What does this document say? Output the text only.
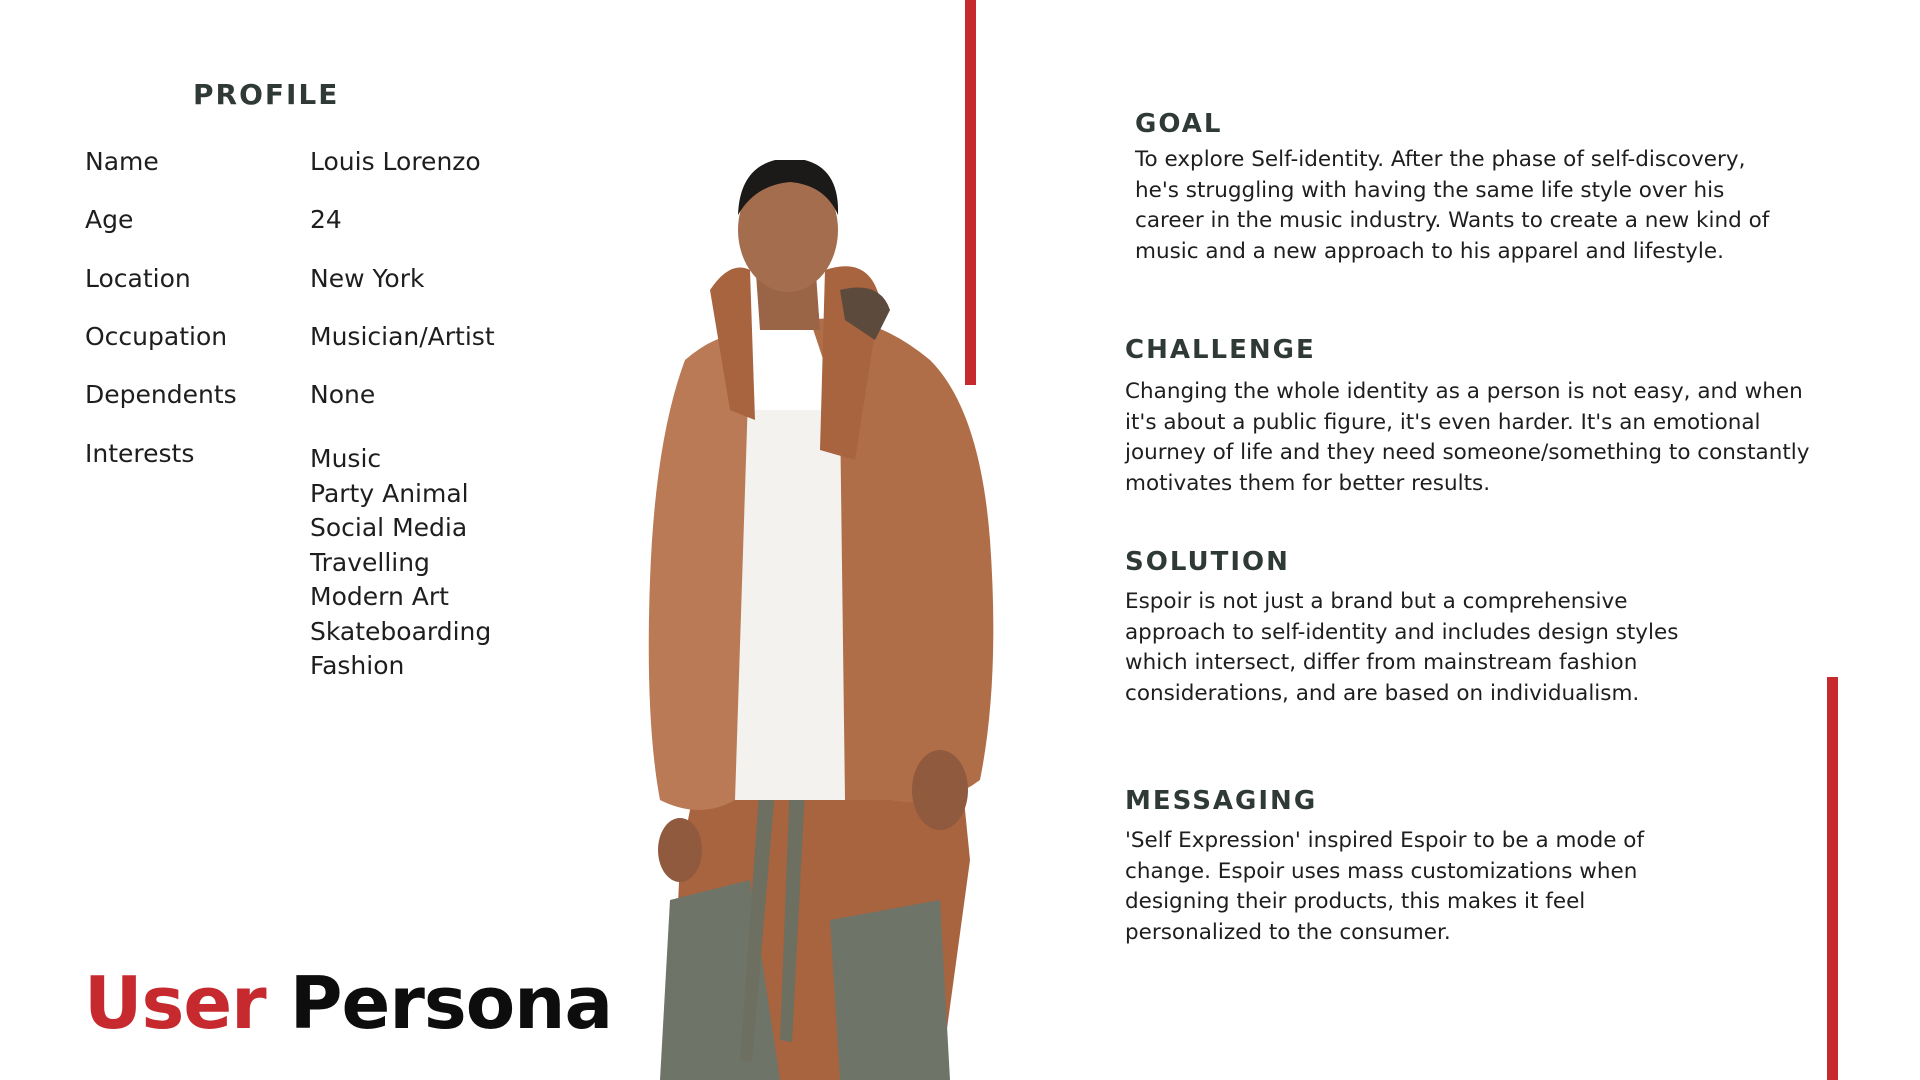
PROFILE
Name	Louis Lorenzo
Age	24
Location	New York
Occupation	Musician/Artist
Dependents	None
Interests	Music
Party Animal
Social Media
Travelling
Modern Art
Skateboarding
Fashion
User Persona
GOAL

To explore Self-identity. After the phase of self-discovery, he's struggling with having the same life style over his career in the music industry. Wants to create a new kind of music and a new approach to his apparel and lifestyle.

CHALLENGE

Changing the whole identity as a person is not easy, and when it's about a public figure, it's even harder. It's an emotional journey of life and they need someone/something to constantly motivates them for better results.

SOLUTION

Espoir is not just a brand but a comprehensive approach to self-identity and includes design styles which intersect, differ from mainstream fashion considerations, and are based on individualism.

MESSAGING

'Self Expression' inspired Espoir to be a mode of change. Espoir uses mass customizations when designing their products, this makes it feel personalized to the consumer.
